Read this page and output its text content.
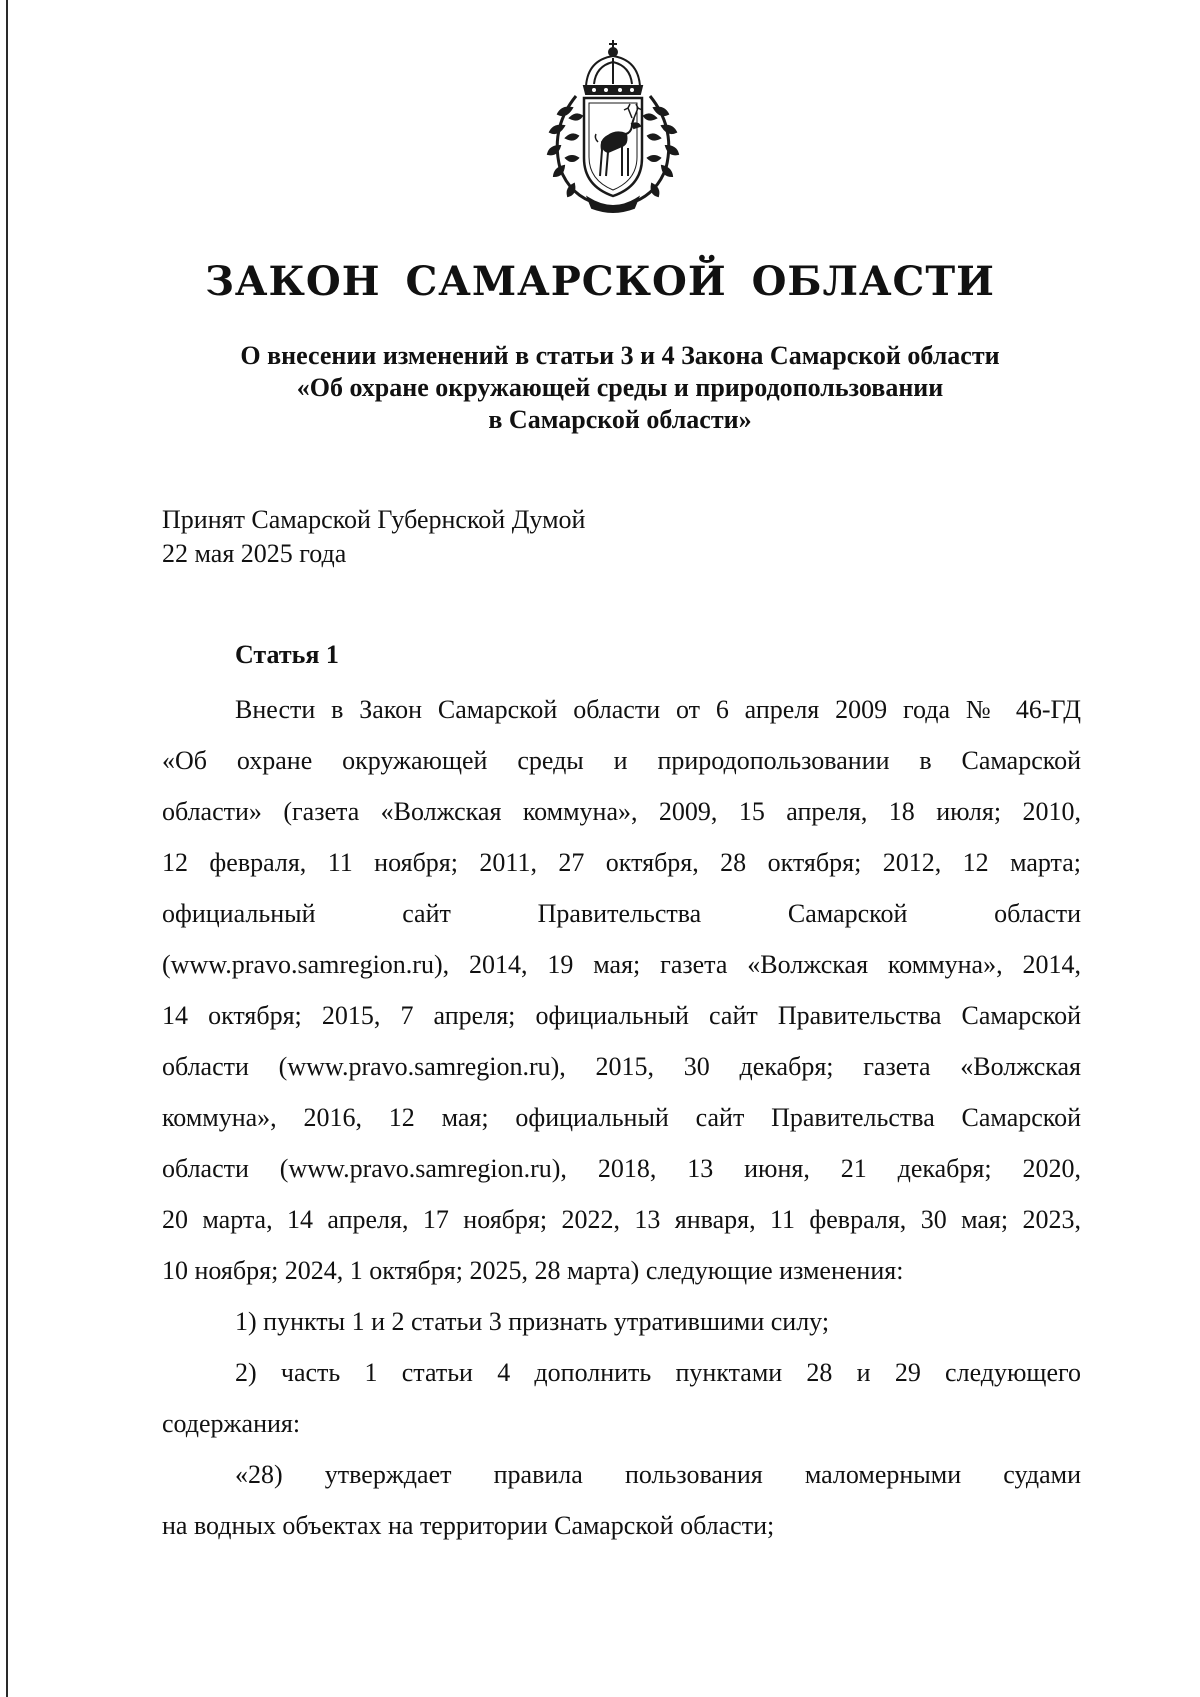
ЗАКОН САМАРСКОЙ ОБЛАСТИ
О внесении изменений в статьи 3 и 4 Закона Самарской области
«Об охране окружающей среды и природопользовании
в Самарской области»
Принят Самарской Губернской Думой
22 мая 2025 года
Статья 1
Внести в Закон Самарской области от 6 апреля 2009 года № 46-ГД
«Об охране окружающей среды и природопользовании в Самарской
области» (газета «Волжская коммуна», 2009, 15 апреля, 18 июля; 2010,
12 февраля, 11 ноября; 2011, 27 октября, 28 октября; 2012, 12 марта;
официальный сайт Правительства Самарской области
(www.pravo.samregion.ru), 2014, 19 мая; газета «Волжская коммуна», 2014,
14 октября; 2015, 7 апреля; официальный сайт Правительства Самарской
области (www.pravo.samregion.ru), 2015, 30 декабря; газета «Волжская
коммуна», 2016, 12 мая; официальный сайт Правительства Самарской
области (www.pravo.samregion.ru), 2018, 13 июня, 21 декабря; 2020,
20 марта, 14 апреля, 17 ноября; 2022, 13 января, 11 февраля, 30 мая; 2023,
10 ноября; 2024, 1 октября; 2025, 28 марта) следующие изменения:
1) пункты 1 и 2 статьи 3 признать утратившими силу;
2) часть 1 статьи 4 дополнить пунктами 28 и 29 следующего
содержания:
«28) утверждает правила пользования маломерными судами
на водных объектах на территории Самарской области;
